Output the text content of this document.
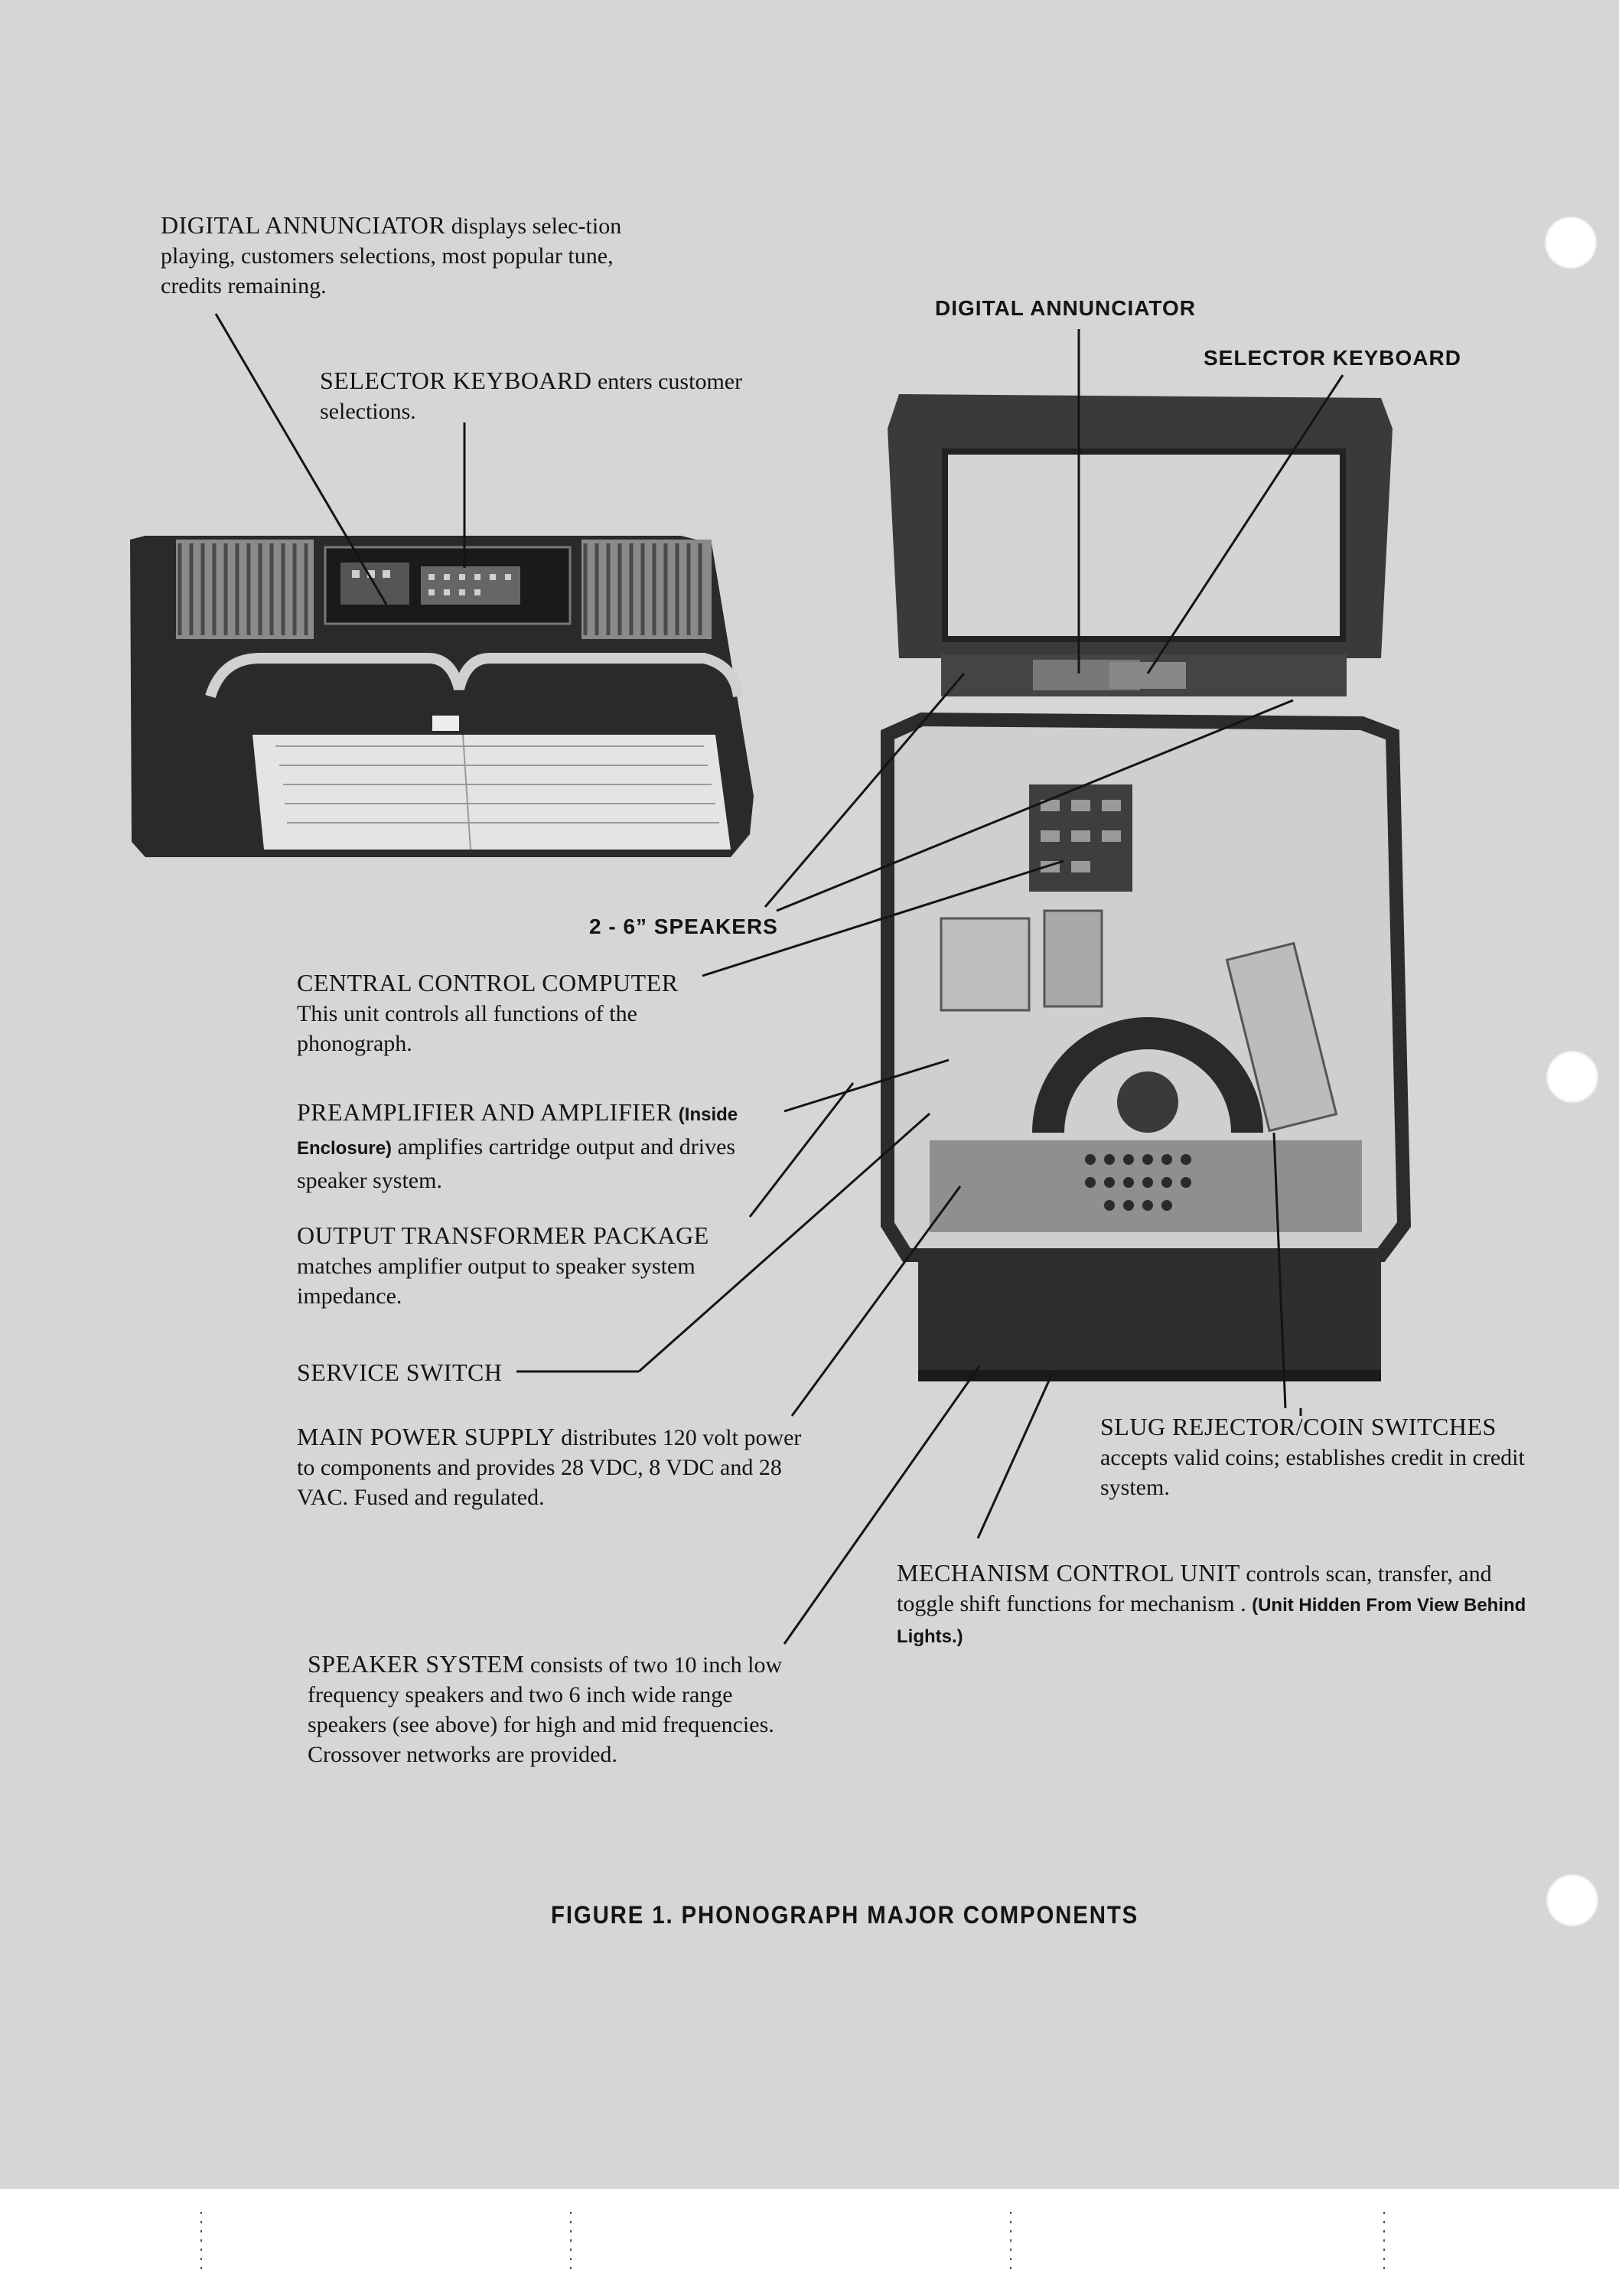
DIGITAL ANNUNCIATOR displays selec-tion playing, customers selections, most popular tune, credits remaining.
SELECTOR KEYBOARD enters customer selections.
2 - 6” SPEAKERS
CENTRAL CONTROL COMPUTER
This unit controls all functions of the phonograph.
PREAMPLIFIER AND AMPLIFIER (Inside Enclosure) amplifies cartridge output and drives speaker system.
OUTPUT TRANSFORMER PACKAGE
matches amplifier output to speaker system impedance.
SERVICE SWITCH
MAIN POWER SUPPLY distributes 120 volt power to components and provides 28 VDC, 8 VDC and 28 VAC. Fused and regulated.
SPEAKER SYSTEM consists of two 10 inch low frequency speakers and two 6 inch wide range speakers (see above) for high and mid frequencies. Crossover networks are provided.
DIGITAL ANNUNCIATOR
SELECTOR KEYBOARD
SLUG REJECTOR/COIN SWITCHES
accepts valid coins; establishes credit in credit system.
MECHANISM CONTROL UNIT controls scan, transfer, and toggle shift functions for mechanism . (Unit Hidden From View Behind Lights.)
FIGURE 1. PHONOGRAPH MAJOR COMPONENTS
